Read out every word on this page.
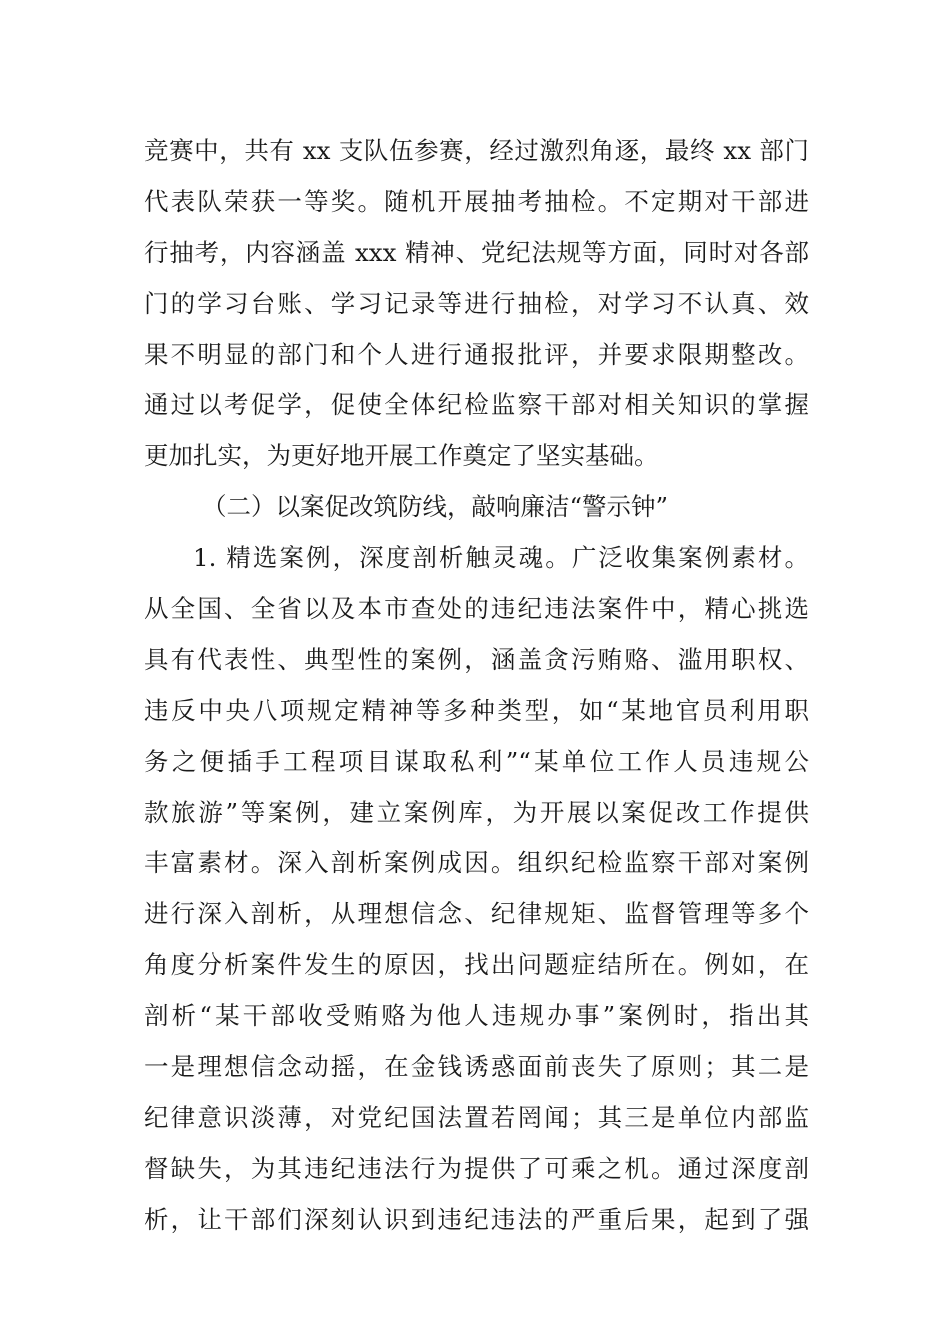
竞赛中，共有 xx 支队伍参赛，经过激烈角逐，最终 xx 部门
代表队荣获一等奖。随机开展抽考抽检。不定期对干部进
行抽考，内容涵盖 xxx 精神、党纪法规等方面，同时对各部
门的学习台账、学习记录等进行抽检，对学习不认真、效
果不明显的部门和个人进行通报批评，并要求限期整改。
通过以考促学，促使全体纪检监察干部对相关知识的掌握
更加扎实，为更好地开展工作奠定了坚实基础。
（二）以案促改筑防线，敲响廉洁“警示钟”
1. 精选案例，深度剖析触灵魂。广泛收集案例素材。
从全国、全省以及本市查处的违纪违法案件中，精心挑选
具有代表性、典型性的案例，涵盖贪污贿赂、滥用职权、
违反中央八项规定精神等多种类型，如“某地官员利用职
务之便插手工程项目谋取私利”“某单位工作人员违规公
款旅游”等案例，建立案例库，为开展以案促改工作提供
丰富素材。深入剖析案例成因。组织纪检监察干部对案例
进行深入剖析，从理想信念、纪律规矩、监督管理等多个
角度分析案件发生的原因，找出问题症结所在。例如，在
剖析“某干部收受贿赂为他人违规办事”案例时，指出其
一是理想信念动摇，在金钱诱惑面前丧失了原则；其二是
纪律意识淡薄，对党纪国法置若罔闻；其三是单位内部监
督缺失，为其违纪违法行为提供了可乘之机。通过深度剖
析，让干部们深刻认识到违纪违法的严重后果，起到了强
